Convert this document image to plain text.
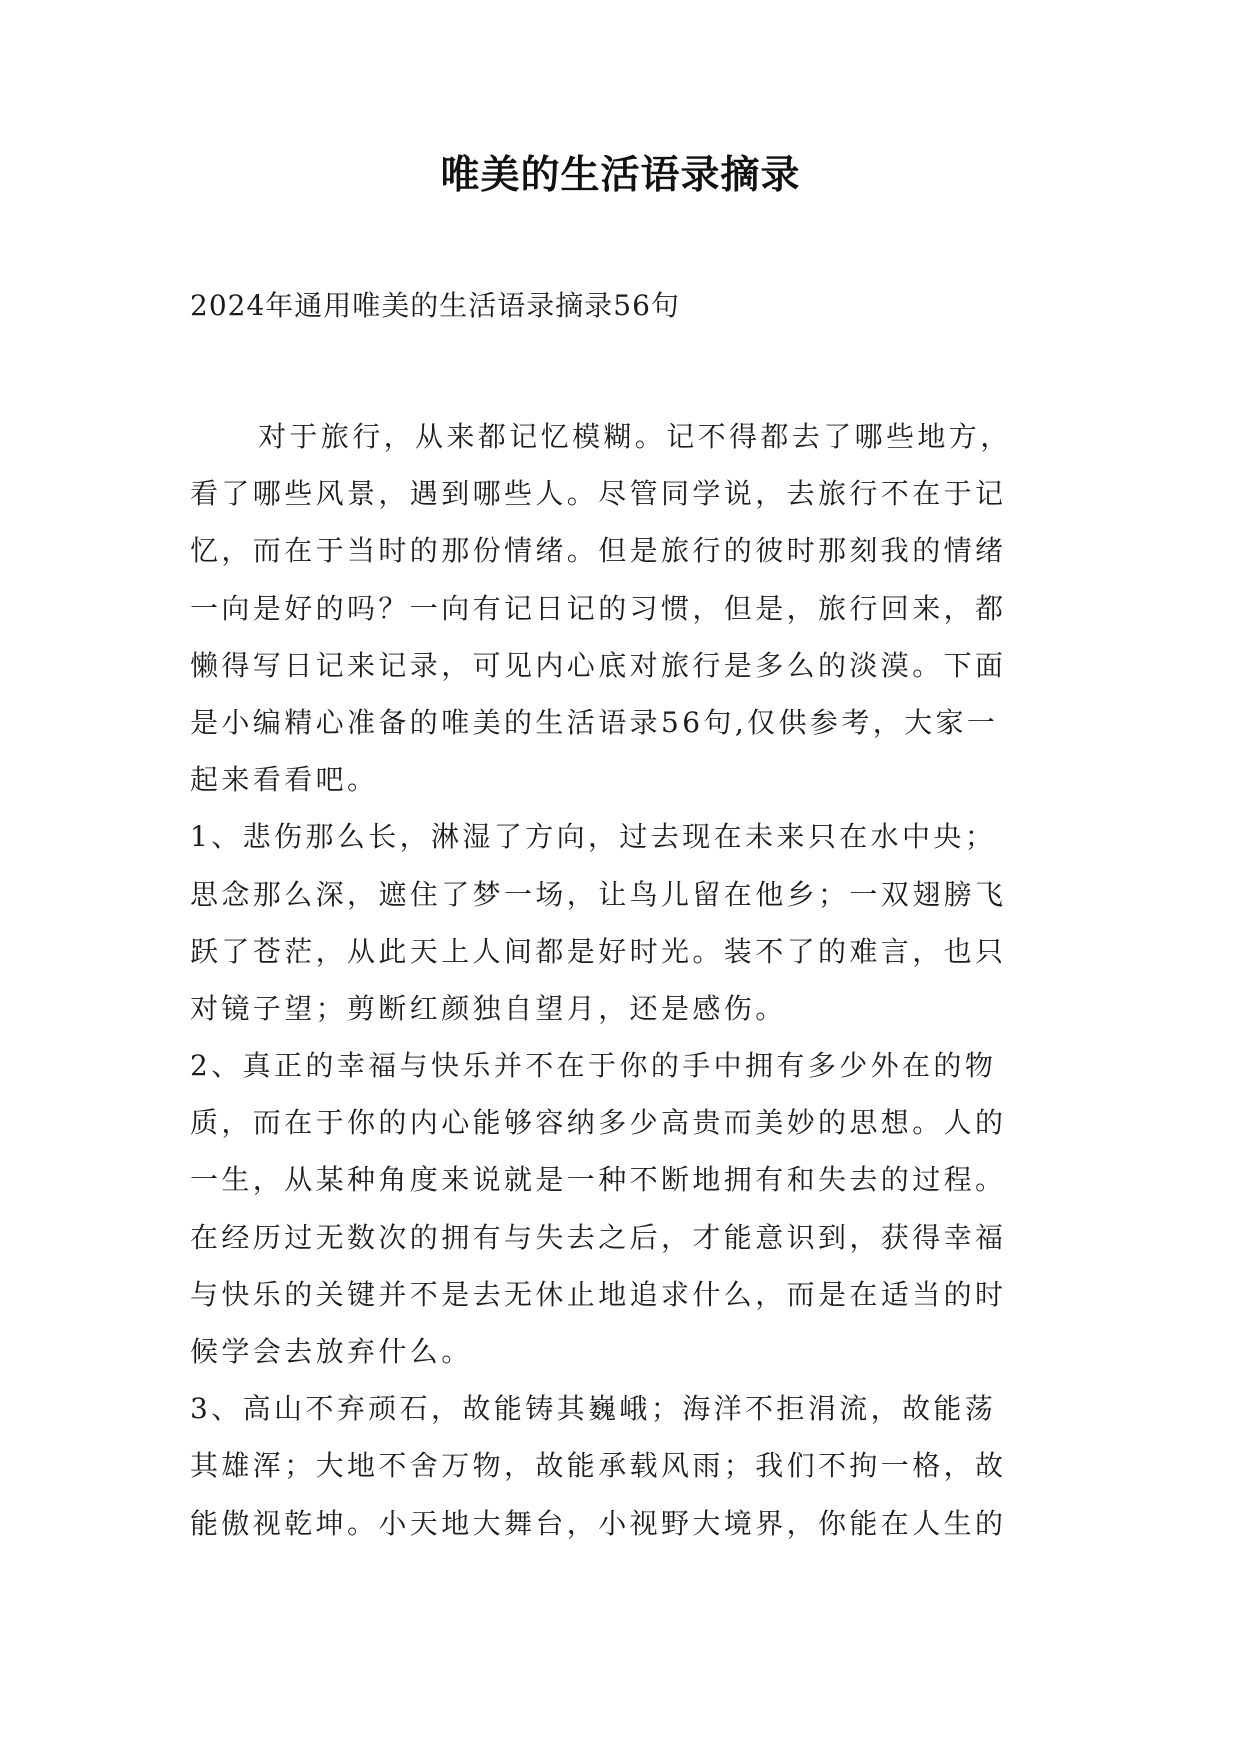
唯美的生活语录摘录
2024年通用唯美的生活语录摘录56句
对于旅行，从来都记忆模糊。记不得都去了哪些地方，
看了哪些风景，遇到哪些人。尽管同学说，去旅行不在于记
忆，而在于当时的那份情绪。但是旅行的彼时那刻我的情绪
一向是好的吗？一向有记日记的习惯，但是，旅行回来，都
懒得写日记来记录，可见内心底对旅行是多么的淡漠。下面
是小编精心准备的唯美的生活语录56句,仅供参考，大家一
起来看看吧。
1、悲伤那么长，淋湿了方向，过去现在未来只在水中央；
思念那么深，遮住了梦一场，让鸟儿留在他乡；一双翅膀飞
跃了苍茫，从此天上人间都是好时光。装不了的难言，也只
对镜子望；剪断红颜独自望月，还是感伤。
2、真正的幸福与快乐并不在于你的手中拥有多少外在的物
质，而在于你的内心能够容纳多少高贵而美妙的思想。人的
一生，从某种角度来说就是一种不断地拥有和失去的过程。
在经历过无数次的拥有与失去之后，才能意识到，获得幸福
与快乐的关键并不是去无休止地追求什么，而是在适当的时
候学会去放弃什么。
3、高山不弃顽石，故能铸其巍峨；海洋不拒涓流，故能荡
其雄浑；大地不舍万物，故能承载风雨；我们不拘一格，故
能傲视乾坤。小天地大舞台，小视野大境界，你能在人生的
